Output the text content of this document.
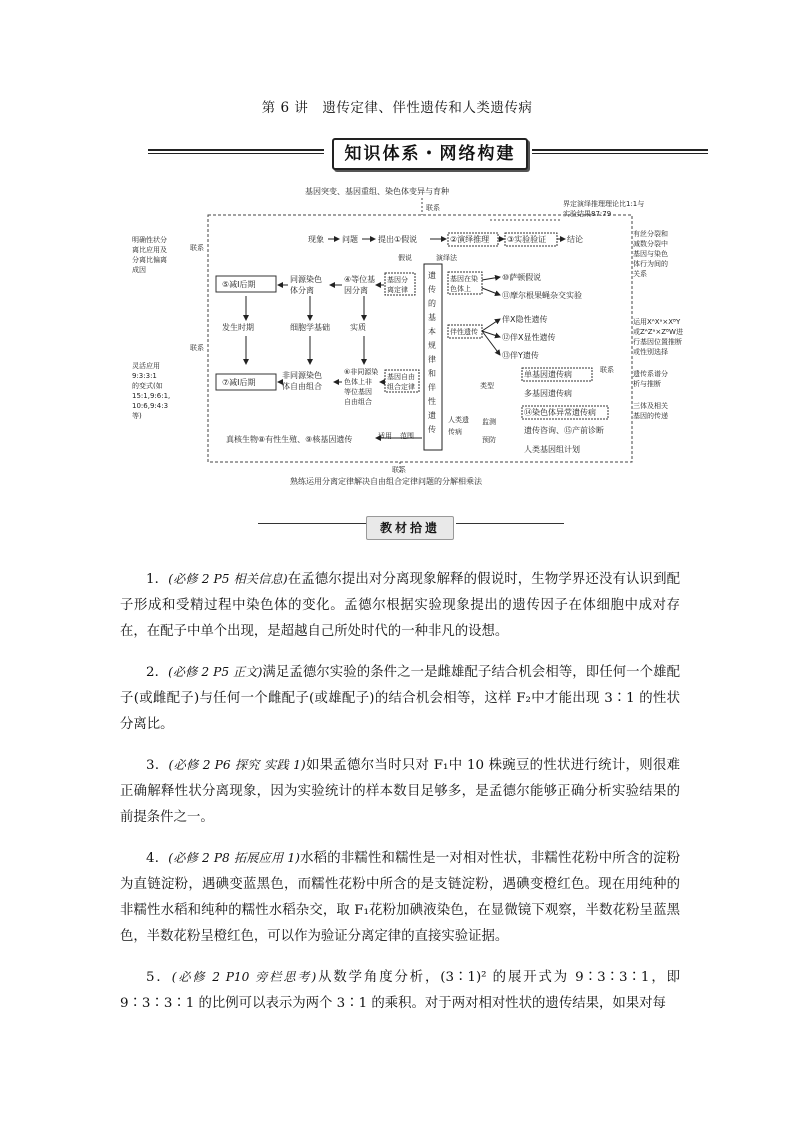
第 6 讲　遗传定律、伴性遗传和人类遗传病
知识体系・网络构建
基因突变、基因重组、染色体变异与育种
联系	界定演绎推理理论比1:1与
实验结果87:79
现象 问题	提出①假说	②演绎推理 ③实验验证	结论
假说	演绎法
遗
传
的
基
本
规
律
和
伴
性
遗
传
明确性状分
离比应用及
分离比偏离
成因
联系
灵活应用
9:3:3:1
的变式(如
15:1,9:6:1,
10:6,9:4:3
等)
联系
⑤减Ⅰ后期
同源染色
体分离
④等位基
因分离
基因分
离定律
发生时期	细胞学基础	实质
⑦减Ⅰ后期
非同源染色
体自由组合
⑥非同源染
色体上非
等位基因
自由组合
基因自由
组合定律
真核生物⑧有性生殖、⑨核基因遗传	适用 范围
基因在染
色体上
⑩萨顿假说
⑪摩尔根果蝇杂交实验
伴性遗传
伴X隐性遗传
⑫伴X显性遗传
⑬伴Y遗传
类型
人类遗
传病
监测
预防
单基因遗传病
多基因遗传病
⑭染色体异常遗传病
遗传咨询、⑮产前诊断
人类基因组计划
有丝分裂和
减数分裂中
基因与染色
体行为间的
关系
运用XᴬXᵃ×XᴮY
或ZᴬZᵃ×ZᴮW进
行基因位置推断
或性别选择
遗传系谱分
析与推断
三体及相关
基因的传递
联系
联系
熟练运用分离定律解决自由组合定律问题的分解相乘法
教材拾遗

1．(必修 2 P5 相关信息)在孟德尔提出对分离现象解释的假说时，生物学界还没有认识到配子形成和受精过程中染色体的变化。孟德尔根据实验现象提出的遗传因子在体细胞中成对存在，在配子中单个出现，是超越自己所处时代的一种非凡的设想。

2．(必修 2 P5 正文)满足孟德尔实验的条件之一是雌雄配子结合机会相等，即任何一个雄配子(或雌配子)与任何一个雌配子(或雄配子)的结合机会相等，这样 F₂中才能出现 3∶1 的性状分离比。

3．(必修 2 P6 探究 实践 1)如果孟德尔当时只对 F₁中 10 株豌豆的性状进行统计，则很难正确解释性状分离现象，因为实验统计的样本数目足够多，是孟德尔能够正确分析实验结果的前提条件之一。

4．(必修 2 P8 拓展应用 1)水稻的非糯性和糯性是一对相对性状，非糯性花粉中所含的淀粉为直链淀粉，遇碘变蓝黑色，而糯性花粉中所含的是支链淀粉，遇碘变橙红色。现在用纯种的非糯性水稻和纯种的糯性水稻杂交，取 F₁花粉加碘液染色，在显微镜下观察，半数花粉呈蓝黑色，半数花粉呈橙红色，可以作为验证分离定律的直接实验证据。

5．(必修 2 P10 旁栏思考)从数学角度分析，(3∶1)² 的展开式为 9∶3∶3∶1，即 9∶3∶3∶1 的比例可以表示为两个 3∶1 的乘积。对于两对相对性状的遗传结果，如果对每
